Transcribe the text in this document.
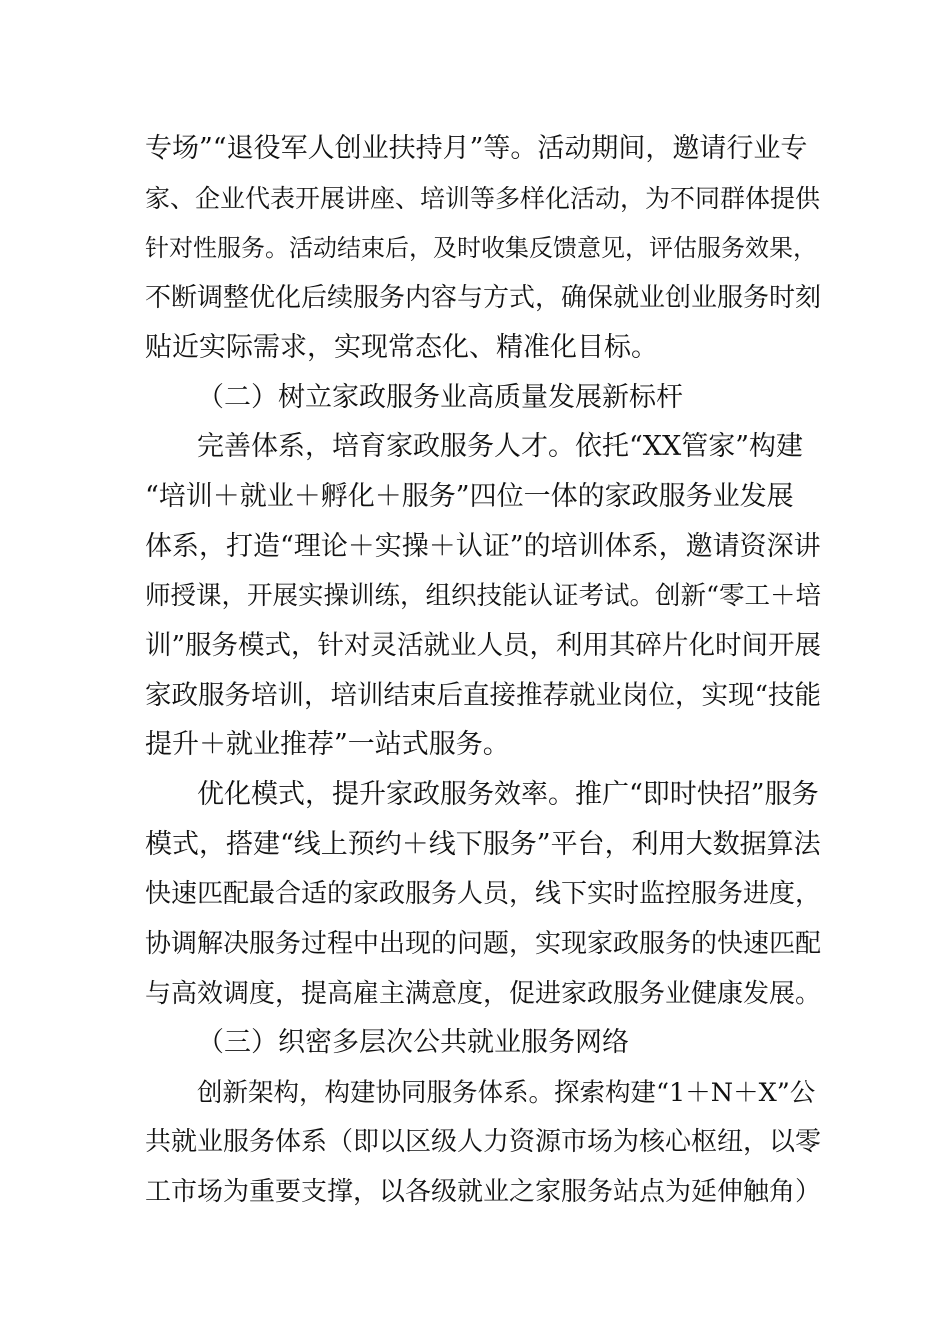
专场”“退役军人创业扶持月”等。活动期间，邀请行业专
家、企业代表开展讲座、培训等多样化活动，为不同群体提供
针对性服务。活动结束后，及时收集反馈意见，评估服务效果，
不断调整优化后续服务内容与方式，确保就业创业服务时刻
贴近实际需求，实现常态化、精准化目标。
（二）树立家政服务业高质量发展新标杆
完善体系，培育家政服务人才。依托“XX管家”构建
“培训＋就业＋孵化＋服务”四位一体的家政服务业发展
体系，打造“理论＋实操＋认证”的培训体系，邀请资深讲
师授课，开展实操训练，组织技能认证考试。创新“零工＋培
训”服务模式，针对灵活就业人员，利用其碎片化时间开展
家政服务培训，培训结束后直接推荐就业岗位，实现“技能
提升＋就业推荐”一站式服务。
优化模式，提升家政服务效率。推广“即时快招”服务
模式，搭建“线上预约＋线下服务”平台，利用大数据算法
快速匹配最合适的家政服务人员，线下实时监控服务进度，
协调解决服务过程中出现的问题，实现家政服务的快速匹配
与高效调度，提高雇主满意度，促进家政服务业健康发展。
（三）织密多层次公共就业服务网络
创新架构，构建协同服务体系。探索构建“1＋N＋X”公
共就业服务体系（即以区级人力资源市场为核心枢纽，以零
工市场为重要支撑，以各级就业之家服务站点为延伸触角）
